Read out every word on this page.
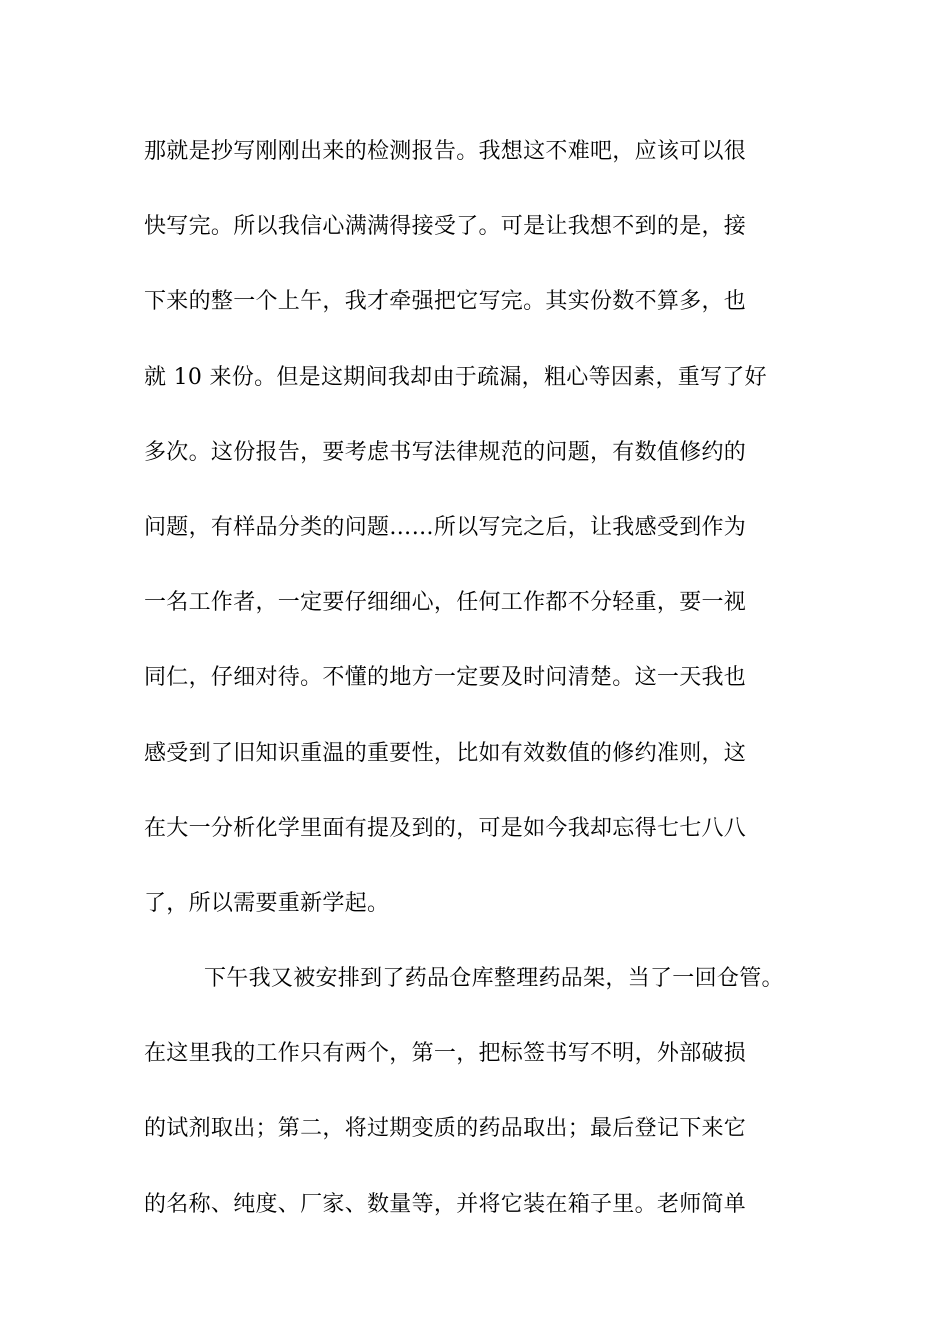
那就是抄写刚刚出来的检测报告。我想这不难吧，应该可以很
快写完。所以我信心满满得接受了。可是让我想不到的是，接
下来的整一个上午，我才牵强把它写完。其实份数不算多，也
就 10 来份。但是这期间我却由于疏漏，粗心等因素，重写了好
多次。这份报告，要考虑书写法律规范的问题，有数值修约的
问题，有样品分类的问题……所以写完之后，让我感受到作为
一名工作者，一定要仔细细心，任何工作都不分轻重，要一视
同仁，仔细对待。不懂的地方一定要及时问清楚。这一天我也
感受到了旧知识重温的重要性，比如有效数值的修约准则，这
在大一分析化学里面有提及到的，可是如今我却忘得七七八八
了，所以需要重新学起。
下午我又被安排到了药品仓库整理药品架，当了一回仓管。
在这里我的工作只有两个，第一，把标签书写不明，外部破损
的试剂取出；第二，将过期变质的药品取出；最后登记下来它
的名称、纯度、厂家、数量等，并将它装在箱子里。老师简单
